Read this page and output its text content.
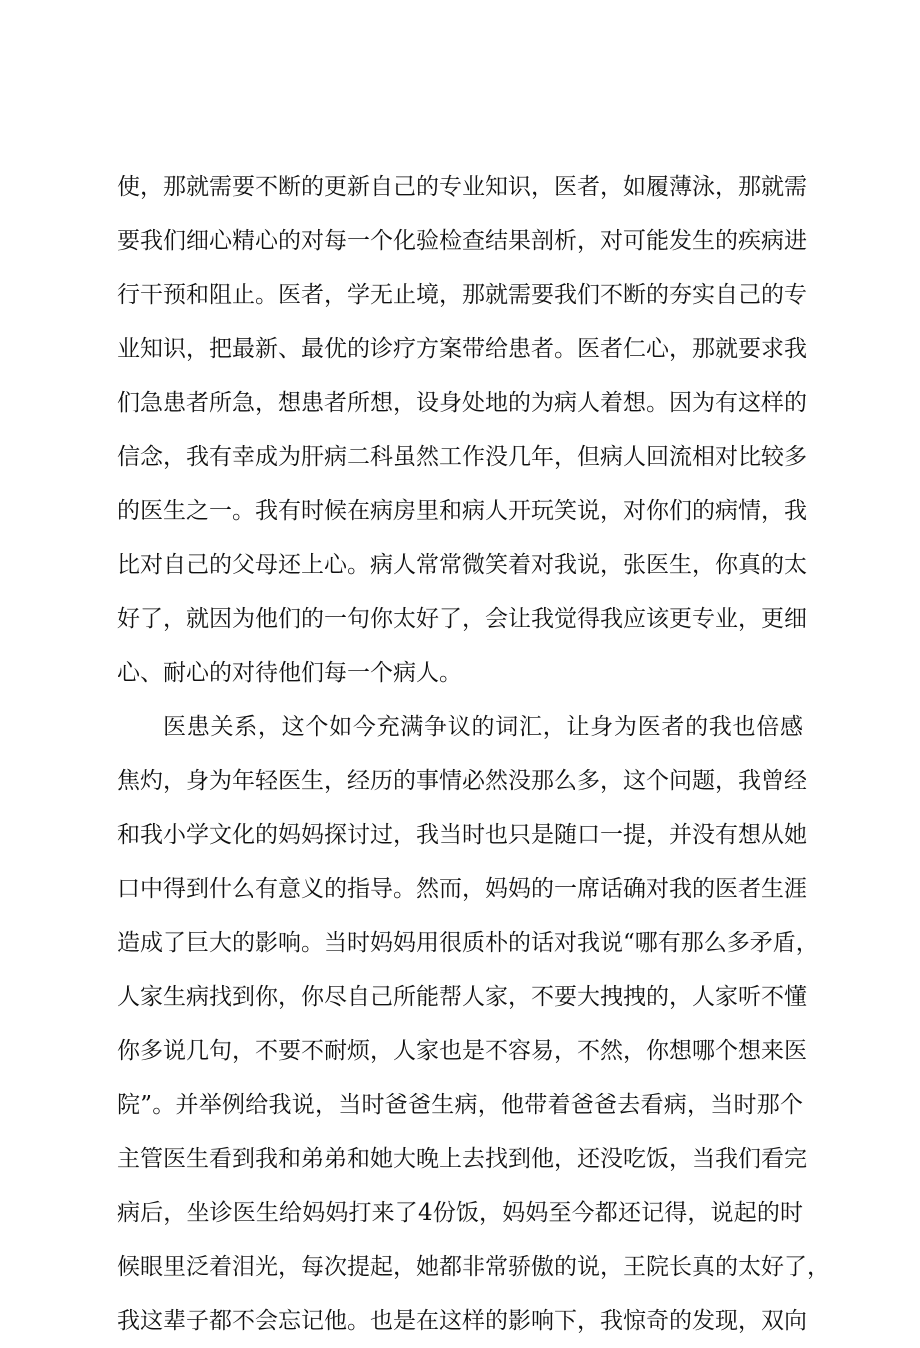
使，那就需要不断的更新自己的专业知识，医者，如履薄泳，那就需
要我们细心精心的对每一个化验检查结果剖析，对可能发生的疾病进
行干预和阻止。医者，学无止境，那就需要我们不断的夯实自己的专
业知识，把最新、最优的诊疗方案带给患者。医者仁心，那就要求我
们急患者所急，想患者所想，设身处地的为病人着想。因为有这样的
信念，我有幸成为肝病二科虽然工作没几年，但病人回流相对比较多
的医生之一。我有时候在病房里和病人开玩笑说，对你们的病情，我
比对自己的父母还上心。病人常常微笑着对我说，张医生，你真的太
好了，就因为他们的一句你太好了，会让我觉得我应该更专业，更细
心、耐心的对待他们每一个病人。
医患关系，这个如今充满争议的词汇，让身为医者的我也倍感
焦灼，身为年轻医生，经历的事情必然没那么多，这个问题，我曾经
和我小学文化的妈妈探讨过，我当时也只是随口一提，并没有想从她
口中得到什么有意义的指导。然而，妈妈的一席话确对我的医者生涯
造成了巨大的影响。当时妈妈用很质朴的话对我说“哪有那么多矛盾，
人家生病找到你，你尽自己所能帮人家，不要大拽拽的，人家听不懂
你多说几句，不要不耐烦，人家也是不容易，不然，你想哪个想来医
院”。并举例给我说，当时爸爸生病，他带着爸爸去看病，当时那个
主管医生看到我和弟弟和她大晚上去找到他，还没吃饭，当我们看完
病后，坐诊医生给妈妈打来了4份饭，妈妈至今都还记得，说起的时
候眼里泛着泪光，每次提起，她都非常骄傲的说，王院长真的太好了，
我这辈子都不会忘记他。也是在这样的影响下，我惊奇的发现，双向
